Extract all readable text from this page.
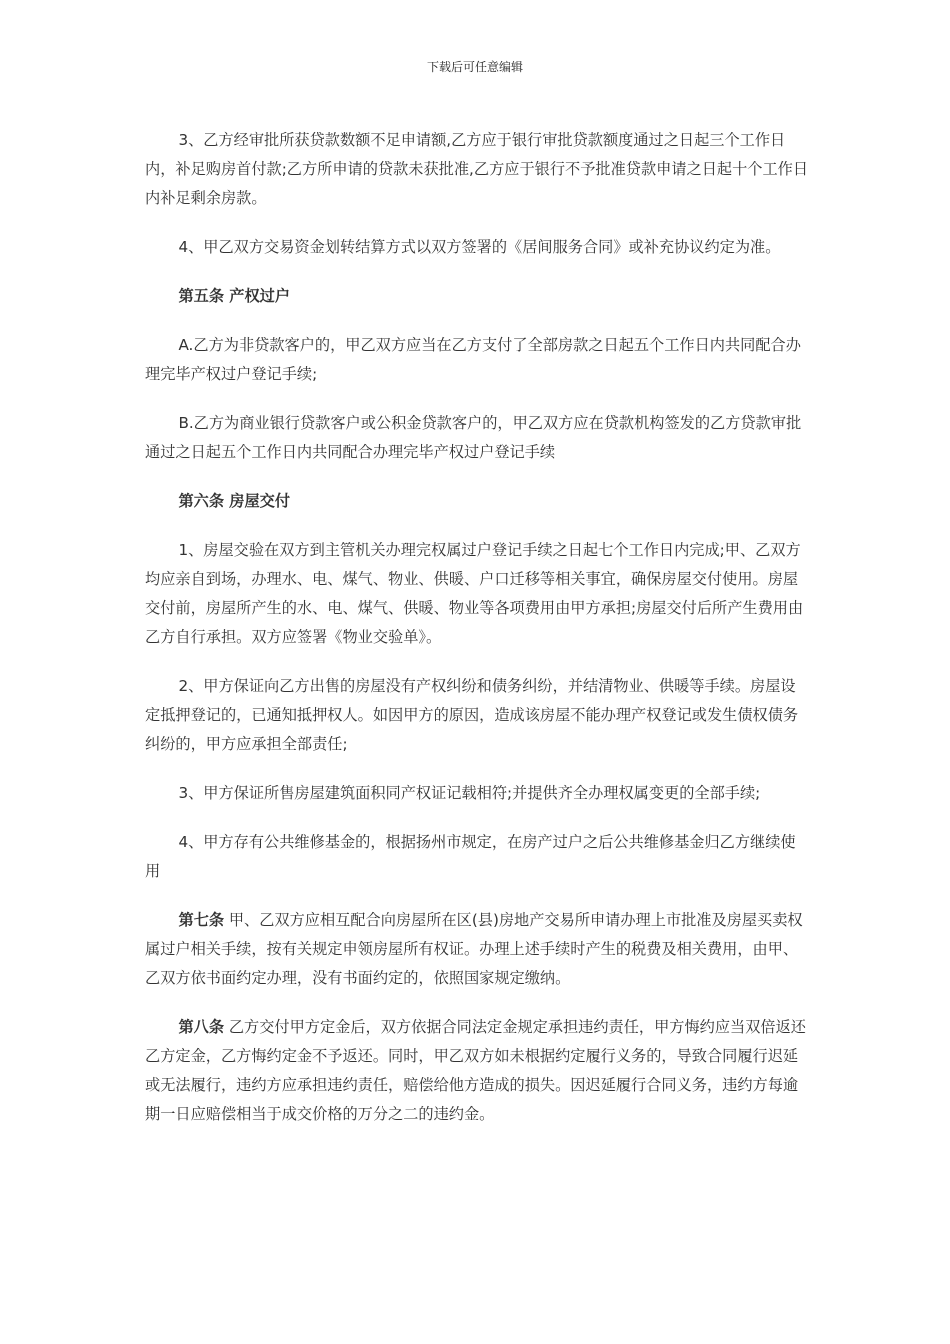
下载后可任意编辑

3、乙方经审批所获贷款数额不足申请额,乙方应于银行审批贷款额度通过之日起三个工作日内，补足购房首付款;乙方所申请的贷款未获批准,乙方应于银行不予批准贷款申请之日起十个工作日内补足剩余房款。

4、甲乙双方交易资金划转结算方式以双方签署的《居间服务合同》或补充协议约定为准。

第五条 产权过户

A.乙方为非贷款客户的，甲乙双方应当在乙方支付了全部房款之日起五个工作日内共同配合办理完毕产权过户登记手续;

B.乙方为商业银行贷款客户或公积金贷款客户的，甲乙双方应在贷款机构签发的乙方贷款审批通过之日起五个工作日内共同配合办理完毕产权过户登记手续

第六条 房屋交付

1、房屋交验在双方到主管机关办理完权属过户登记手续之日起七个工作日内完成;甲、乙双方均应亲自到场，办理水、电、煤气、物业、供暖、户口迁移等相关事宜，确保房屋交付使用。房屋交付前，房屋所产生的水、电、煤气、供暖、物业等各项费用由甲方承担;房屋交付后所产生费用由乙方自行承担。双方应签署《物业交验单》。

2、甲方保证向乙方出售的房屋没有产权纠纷和债务纠纷，并结清物业、供暖等手续。房屋设定抵押登记的，已通知抵押权人。如因甲方的原因，造成该房屋不能办理产权登记或发生债权债务纠纷的，甲方应承担全部责任;

3、甲方保证所售房屋建筑面积同产权证记载相符;并提供齐全办理权属变更的全部手续;

4、甲方存有公共维修基金的，根据扬州市规定，在房产过户之后公共维修基金归乙方继续使用

第七条 甲、乙双方应相互配合向房屋所在区(县)房地产交易所申请办理上市批准及房屋买卖权属过户相关手续，按有关规定申领房屋所有权证。办理上述手续时产生的税费及相关费用，由甲、乙双方依书面约定办理，没有书面约定的，依照国家规定缴纳。

第八条 乙方交付甲方定金后，双方依据合同法定金规定承担违约责任，甲方悔约应当双倍返还乙方定金，乙方悔约定金不予返还。同时，甲乙双方如未根据约定履行义务的，导致合同履行迟延或无法履行，违约方应承担违约责任，赔偿给他方造成的损失。因迟延履行合同义务，违约方每逾期一日应赔偿相当于成交价格的万分之二的违约金。
